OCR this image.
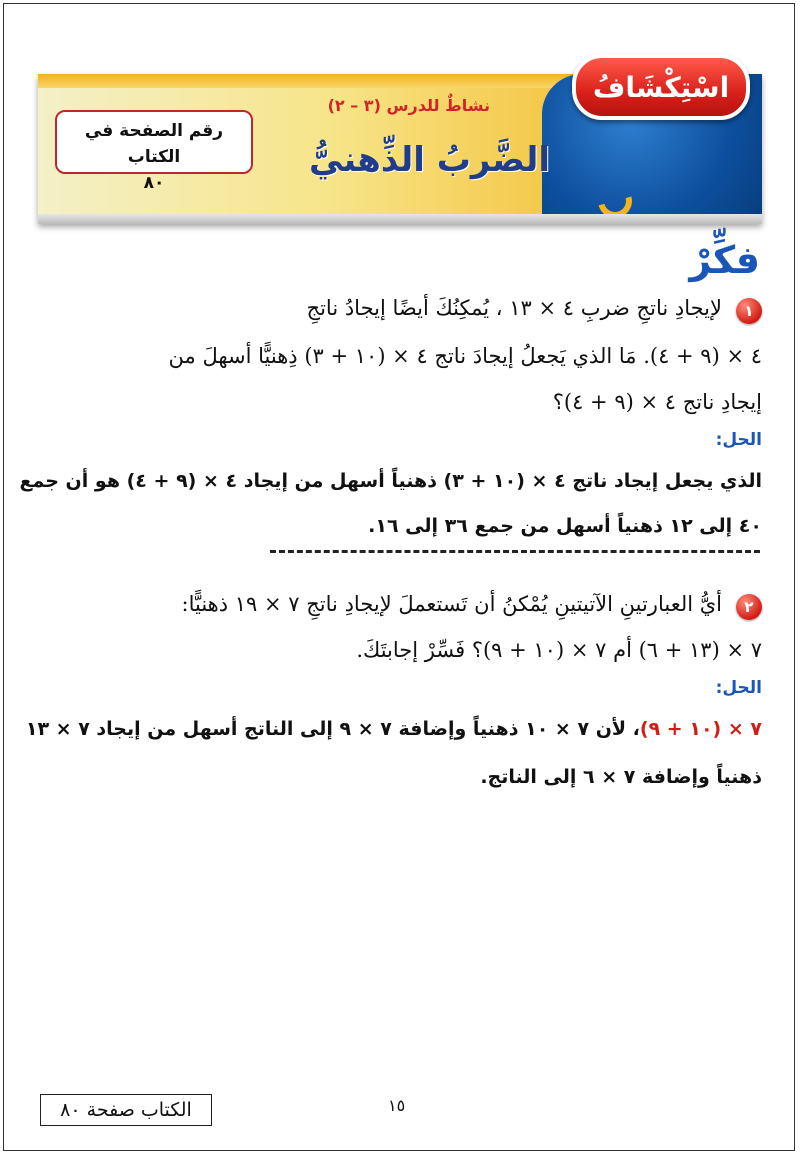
اسْتِكْشَافُ
نشاطٌ للدرس (٣ – ٢)
الضَّربُ الذِّهنيُّ
رقم الصفحة في الكتاب
٨٠
فكِّرْ
١
لإيجادِ ناتجِ ضربِ ٤ × ١٣ ، يُمكِنُكَ أيضًا إيجادُ ناتجِ
٤ × (٩ + ٤). مَا الذي يَجعلُ إيجادَ ناتج ٤ × (١٠ + ٣) ذِهنيًّا أسهلَ من
إيجادِ ناتج ٤ × (٩ + ٤)؟
الحل:
الذي يجعل إيجاد ناتج ٤ × (١٠ + ٣) ذهنياً أسهل من إيجاد ٤ × (٩ + ٤) هو أن جمع
٤٠ إلى ١٢ ذهنياً أسهل من جمع ٣٦ إلى ١٦.
٢
أيُّ العبارتينِ الآتيتينِ يُمْكنُ أن تَستعملَ لإيجادِ ناتجِ ٧ × ١٩ ذهنيًّا:
٧ × (١٣ + ٦) أم ٧ × (١٠ + ٩)؟ فَسِّرْ إجابتَكَ.
الحل:
٧ × (١٠ + ٩)، لأن ٧ × ١٠ ذهنياً وإضافة ٧ × ٩ إلى الناتج أسهل من إيجاد ٧ × ١٣
ذهنياً وإضافة ٧ × ٦ إلى الناتج.
١٥
الكتاب صفحة ٨٠
